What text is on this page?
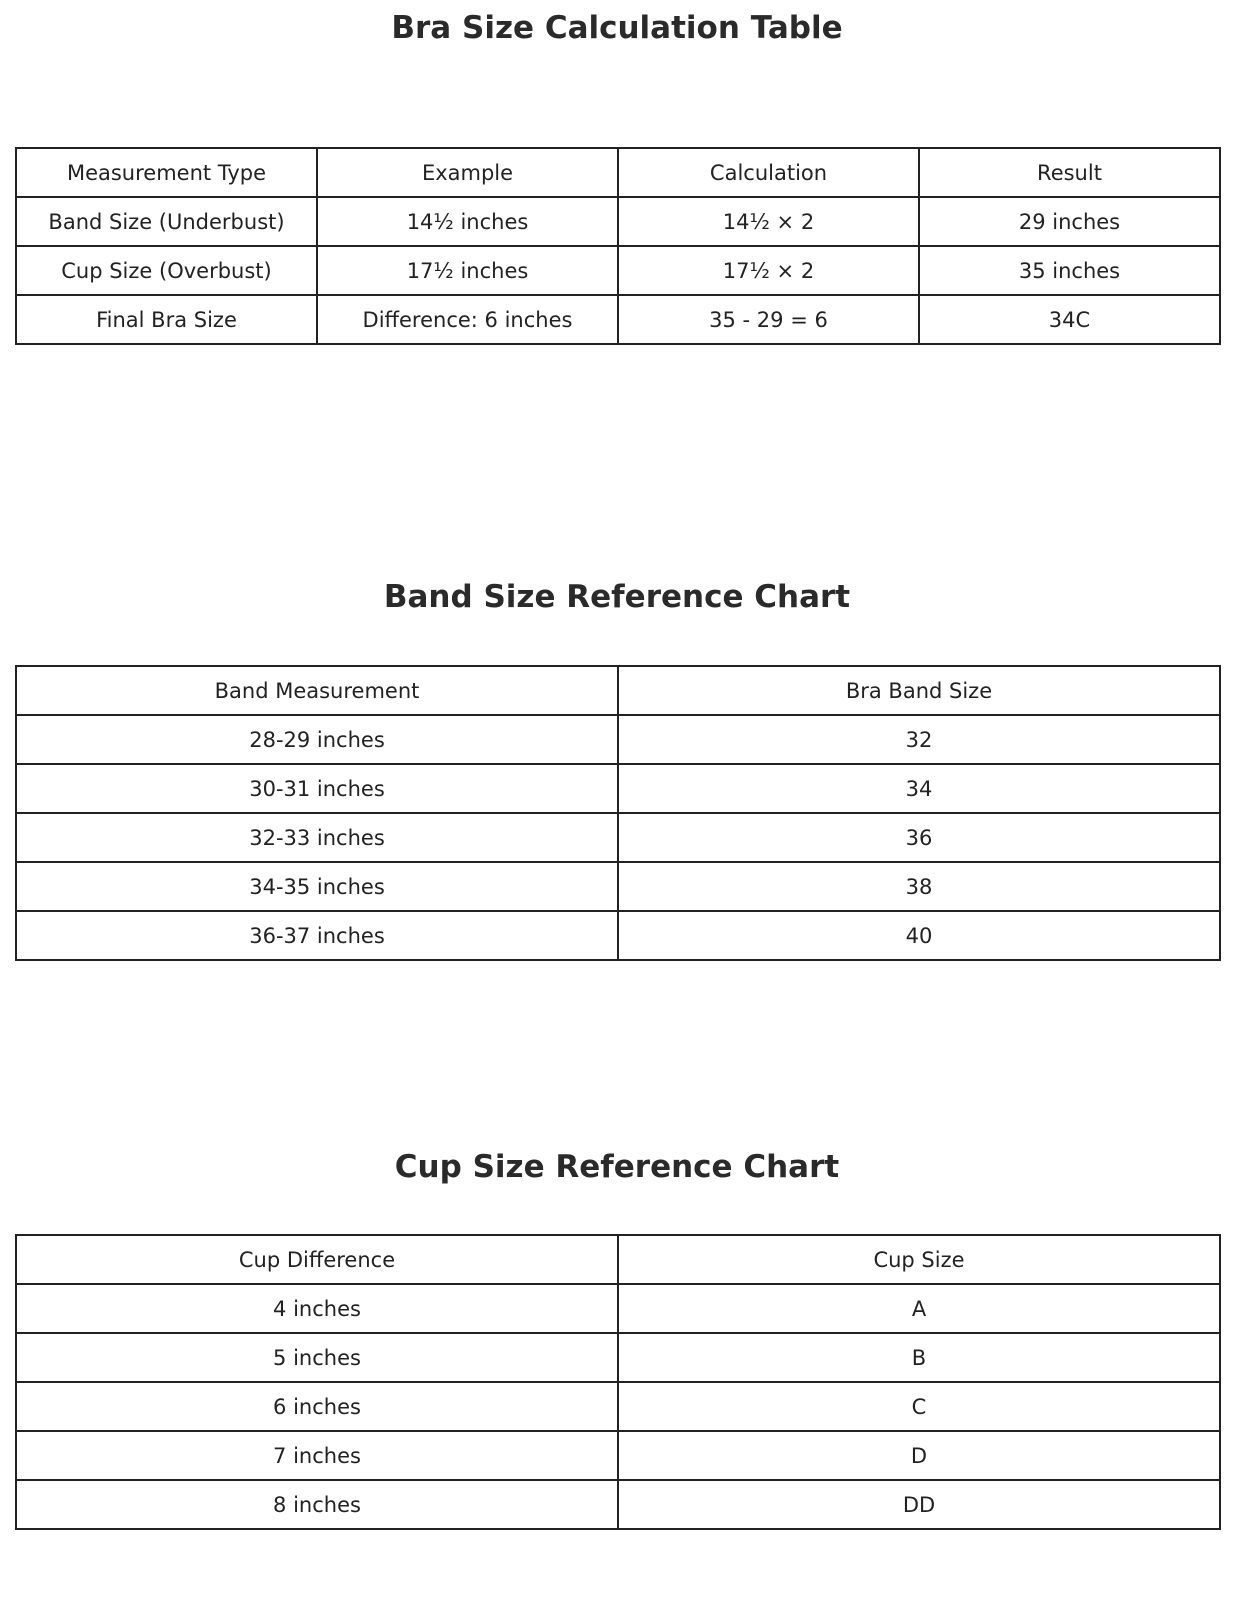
Bra Size Calculation Table
Measurement Type	Example	Calculation	Result
Band Size (Underbust)	14½ inches	14½ × 2	29 inches
Cup Size (Overbust)	17½ inches	17½ × 2	35 inches
Final Bra Size	Difference: 6 inches	35 - 29 = 6	34C
Band Size Reference Chart
Band Measurement	Bra Band Size
28-29 inches	32
30-31 inches	34
32-33 inches	36
34-35 inches	38
36-37 inches	40
Cup Size Reference Chart
Cup Difference	Cup Size
4 inches	A
5 inches	B
6 inches	C
7 inches	D
8 inches	DD
